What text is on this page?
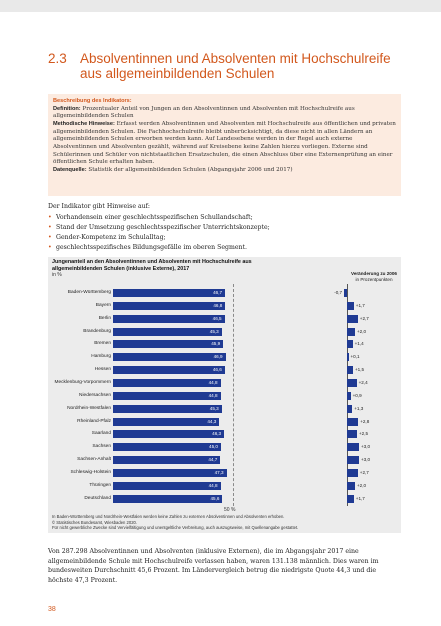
2.3 Absolventinnen und Absolventen mit Hochschulreife
aus allgemeinbildenden Schulen
Beschreibung des Indikators:
Definition: Prozentualer Anteil von Jungen an den Absolventinnen und Absolventen mit Hochschulreife aus allgemeinbildenden Schulen
Methodische Hinweise: Erfasst werden Absolventinnen und Absolventen mit Hochschulreife aus öffentlichen und privaten allgemeinbildenden Schulen. Die Fachhochschulreife bleibt unberücksichtigt, da diese nicht in allen Ländern an allgemeinbildenden Schulen erworben werden kann. Auf Landesebene werden in der Regel auch externe Absolventinnen und Absolventen gezählt, während auf Kreisebene keine Zahlen hierzu vorliegen. Externe sind Schülerinnen und Schüler von nichtstaatlichen Ersatzschulen, die einen Abschluss über eine Externenprüfung an einer öffentlichen Schule erhalten haben.
Datenquelle: Statistik der allgemeinbildenden Schulen (Abgangsjahr 2006 und 2017)
Der Indikator gibt Hinweise auf:
• Vorhandensein einer geschlechtsspezifischen Schullandschaft;
• Stand der Umsetzung geschlechtsspezifischer Unterrichtskonzepte;
• Gender-Kompetenz im Schulalltag;
• geschlechtsspezifisches Bildungsgefälle im oberen Segment.
Jungenanteil an den Absolventinnen und Absolventen mit Hochschulreife aus allgemeinbildenden Schulen (inklusive Externe), 2017
in %	Veränderung zu 2006
in Prozentpunkten
50 %
In Baden-Württemberg und Nordrhein-Westfalen werden keine Zahlen zu externen Absolventinnen und Absolventen erhoben.
© Statistisches Bundesamt, Wiesbaden 2020.
Für nicht gewerbliche Zwecke sind Vervielfältigung und unentgeltliche Verbreitung, auch auszugsweise, mit Quellenangabe gestattet.
Baden-Württemberg	46,7	-0,7
Bayern	46,8	+1,7
Berlin	46,5	+2,7
Brandenburg	45,3	+2,0
Bremen	45,9	+1,4
Hamburg	46,9	+0,1
Hessen	46,6	+1,5
Mecklenburg-Vorpommern	44,8	+2,4
Niedersachsen	44,8	+0,9
Nordrhein-Westfalen	45,3	+1,3
Rheinland-Pfalz	44,3	+2,8
Saarland	46,3	+2,5
Sachsen	45,0	+3,0
Sachsen-Anhalt	44,7	+3,0
Schleswig-Holstein	47,3	+2,7
Thüringen	44,8	+2,0
Deutschland	45,6	+1,7
Von 287.298 Absolventinnen und Absolventen (inklusive Externen), die im Abgangsjahr 2017 eine allgemeinbildende Schule mit Hochschulreife verlassen haben, waren 131.138 männlich. Dies waren im bundesweiten Durchschnitt 45,6 Prozent. Im Ländervergleich betrug die niedrigste Quote 44,3 und die höchste 47,3 Prozent.
38
